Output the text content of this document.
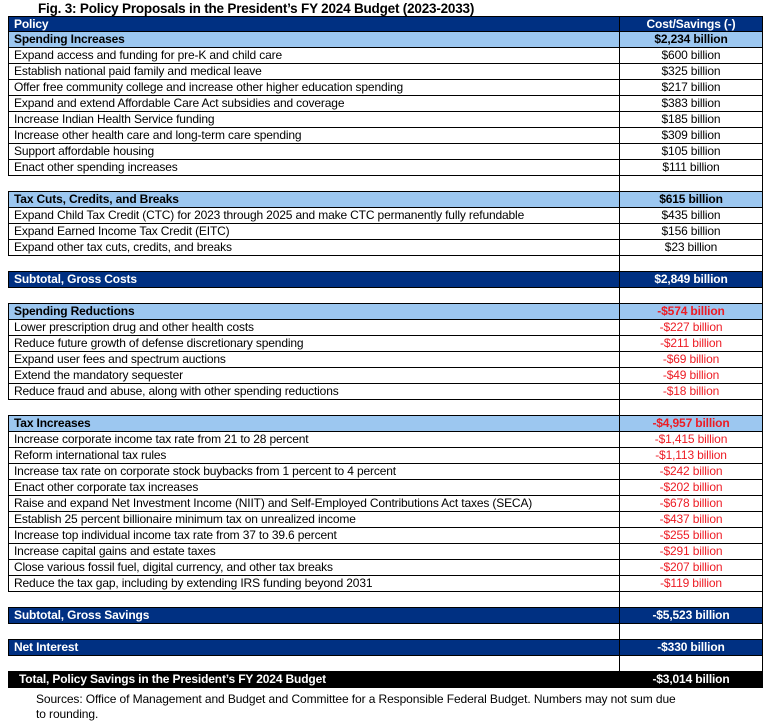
Fig. 3: Policy Proposals in the President’s FY 2024 Budget (2023-2033)
Policy	Cost/Savings (-)
Spending Increases	$2,234 billion
Expand access and funding for pre-K and child care	$600 billion
Establish national paid family and medical leave	$325 billion
Offer free community college and increase other higher education spending	$217 billion
Expand and extend Affordable Care Act subsidies and coverage	$383 billion
Increase Indian Health Service funding	$185 billion
Increase other health care and long-term care spending	$309 billion
Support affordable housing	$105 billion
Enact other spending increases	$111 billion
Tax Cuts, Credits, and Breaks	$615 billion
Expand Child Tax Credit (CTC) for 2023 through 2025 and make CTC permanently fully refundable	$435 billion
Expand Earned Income Tax Credit (EITC)	$156 billion
Expand other tax cuts, credits, and breaks	$23 billion
Subtotal, Gross Costs	$2,849 billion
Spending Reductions	-$574 billion
Lower prescription drug and other health costs	-$227 billion
Reduce future growth of defense discretionary spending	-$211 billion
Expand user fees and spectrum auctions	-$69 billion
Extend the mandatory sequester	-$49 billion
Reduce fraud and abuse, along with other spending reductions	-$18 billion
Tax Increases	-$4,957 billion
Increase corporate income tax rate from 21 to 28 percent	-$1,415 billion
Reform international tax rules	-$1,113 billion
Increase tax rate on corporate stock buybacks from 1 percent to 4 percent	-$242 billion
Enact other corporate tax increases	-$202 billion
Raise and expand Net Investment Income (NIIT) and Self-Employed Contributions Act taxes (SECA)	-$678 billion
Establish 25 percent billionaire minimum tax on unrealized income	-$437 billion
Increase top individual income tax rate from 37 to 39.6 percent	-$255 billion
Increase capital gains and estate taxes	-$291 billion
Close various fossil fuel, digital currency, and other tax breaks	-$207 billion
Reduce the tax gap, including by extending IRS funding beyond 2031	-$119 billion
Subtotal, Gross Savings	-$5,523 billion
Net Interest	-$330 billion
Total, Policy Savings in the President’s FY 2024 Budget	-$3,014 billion
Sources: Office of Management and Budget and Committee for a Responsible Federal Budget. Numbers may not sum due to rounding.
